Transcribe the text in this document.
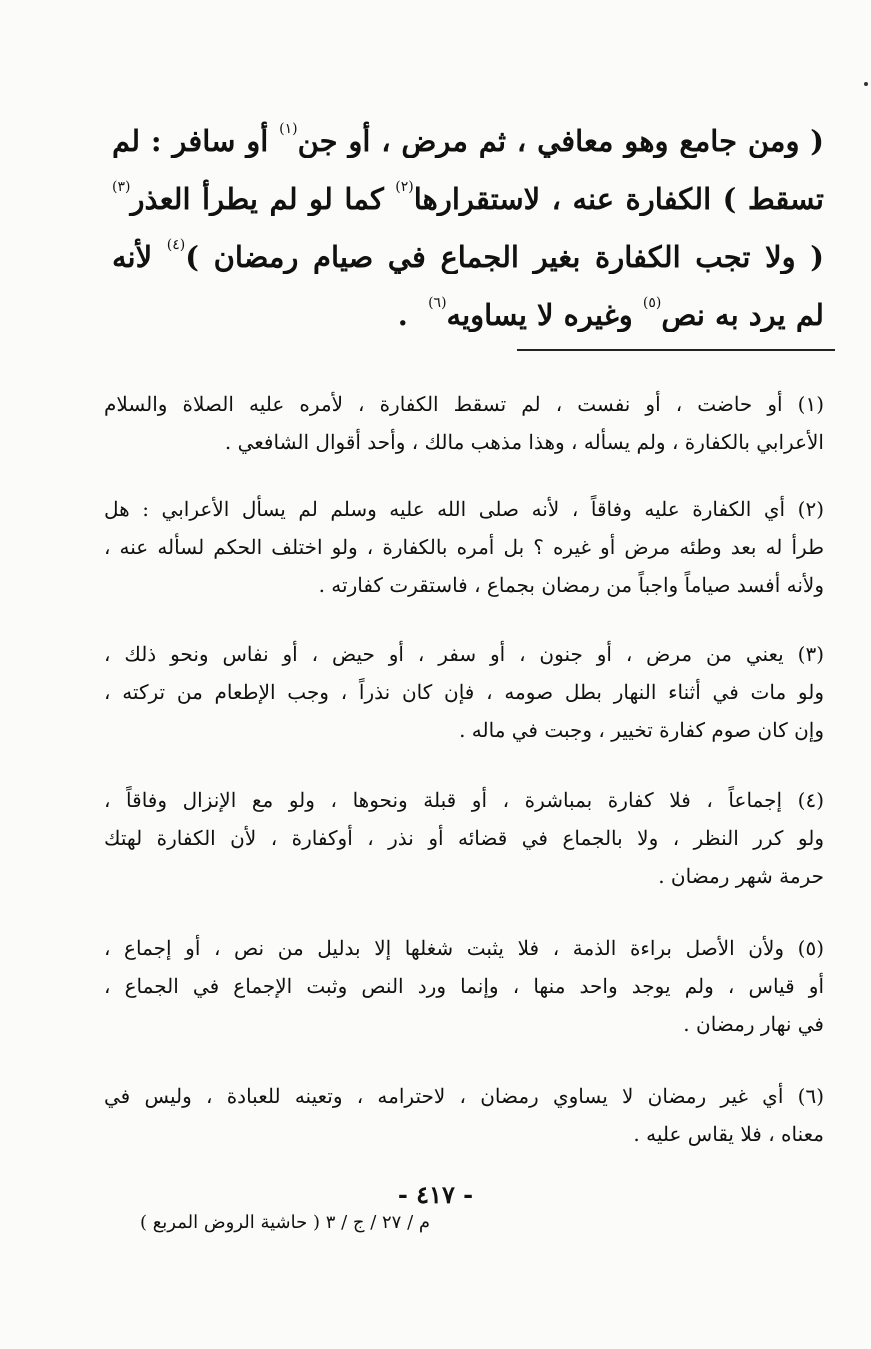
( ومن جامع وهو معافي ، ثم مرض ، أو جن$^{(١)}$ أو سافر : لم
تسقط ) الكفارة عنه ، لاستقرارها$^{(٢)}$ كما لو لم يطرأ العذر$^{(٣)}$
( ولا تجب الكفارة بغير الجماع في صيام رمضان )$^{(٤)}$ لأنه
لم يرد به نص$^{(٥)}$ وغيره لا يساويه$^{(٦)}$  .
(١) أو حاضت ، أو نفست ، لم تسقط الكفارة ، لأمره عليه الصلاة والسلام
الأعرابي بالكفارة ، ولم يسأله ، وهذا مذهب مالك ، وأحد أقوال الشافعي .
(٢) أي الكفارة عليه وفاقاً ، لأنه صلى الله عليه وسلم لم يسأل الأعرابي : هل
طرأ له بعد وطئه مرض أو غيره ؟ بل أمره بالكفارة ، ولو اختلف الحكم لسأله عنه ،
ولأنه أفسد صياماً واجباً من رمضان بجماع ، فاستقرت كفارته .
(٣) يعني من مرض ، أو جنون ، أو سفر ، أو حيض ، أو نفاس ونحو ذلك ،
ولو مات في أثناء النهار بطل صومه ، فإن كان نذراً ، وجب الإطعام من تركته ،
وإن كان صوم كفارة تخيير ، وجبت في ماله .
(٤) إجماعاً ، فلا كفارة بمباشرة ، أو قبلة ونحوها ، ولو مع الإنزال وفاقاً ،
ولو كرر النظر ، ولا بالجماع في قضائه أو نذر ، أوكفارة ، لأن الكفارة لهتك
حرمة شهر رمضان .
(٥) ولأن الأصل براءة الذمة ، فلا يثبت شغلها إلا بدليل من نص ، أو إجماع ،
أو قياس ، ولم يوجد واحد منها ، وإنما ورد النص وثبت الإجماع في الجماع ،
في نهار رمضان .
(٦) أي غير رمضان لا يساوي رمضان ، لاحترامه ، وتعينه للعبادة ، وليس في
معناه ، فلا يقاس عليه .
- ٤١٧ -
م / ٢٧ / ج / ٣ ( حاشية الروض المربع )
